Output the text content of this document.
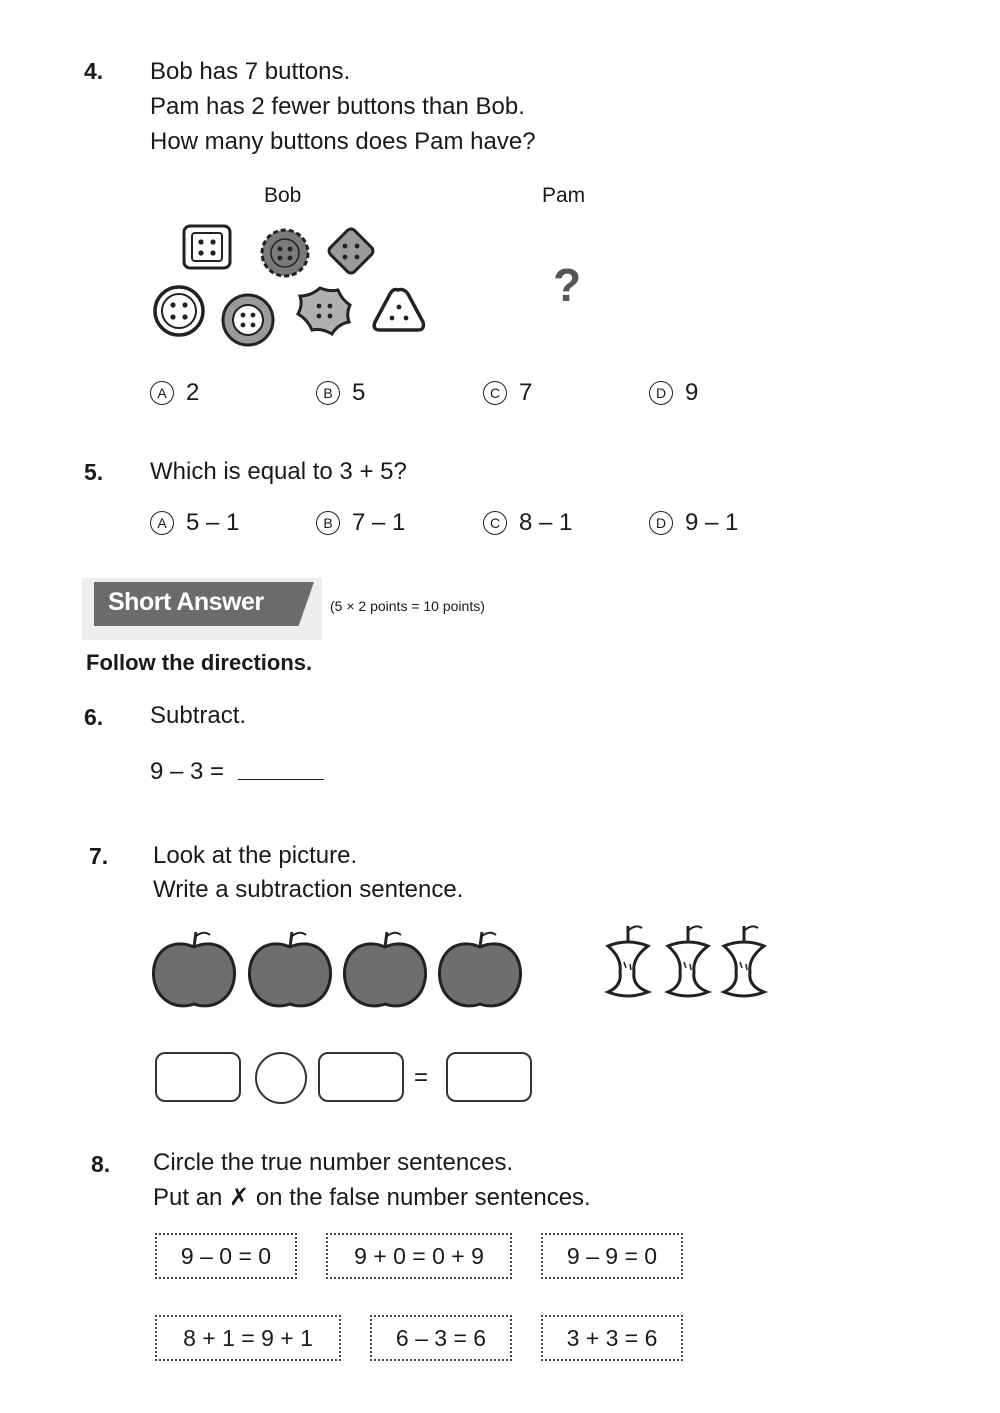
4. Bob has 7 buttons.
Pam has 2 fewer buttons than Bob.
How many buttons does Pam have?
Bob	Pam
?
A 2	B 5	C 7	D 9
5. Which is equal to 3 + 5?
A 5 – 1	B 7 – 1	C 8 – 1	D 9 – 1
Short Answer	(5 × 2 points = 10 points)
Follow the directions.
6. Subtract.
9 – 3 =
7. Look at the picture.
Write a subtraction sentence.
=
8. Circle the true number sentences.
Put an ✗ on the false number sentences.
9 – 0 = 0	9 + 0 = 0 + 9	9 – 9 = 0
8 + 1 = 9 + 1	6 – 3 = 6	3 + 3 = 6
